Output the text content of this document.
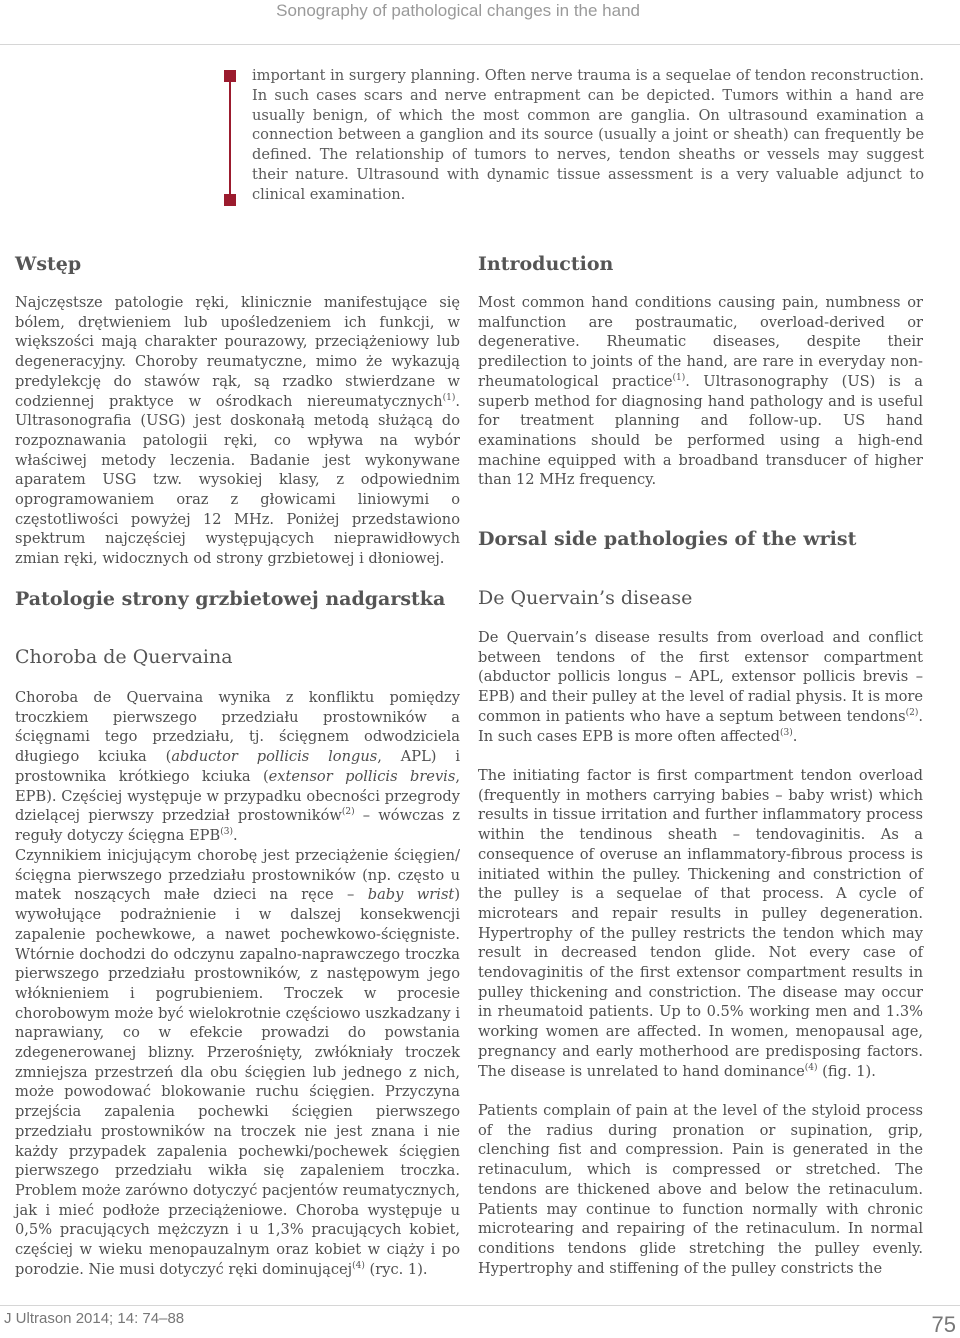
Sonography of pathological changes in the hand

important in surgery planning. Often nerve trauma is a sequelae of tendon reconstruction. In such cases scars and nerve entrapment can be depicted. Tumors within a hand are usually benign, of which the most common are ganglia. On ultrasound examination a connection between a ganglion and its source (usually a joint or sheath) can frequently be defined. The relationship of tumors to nerves, tendon sheaths or vessels may suggest their nature. Ultrasound with dynamic tissue assessment is a very valuable adjunct to clinical examination.

Wstęp

Najczęstsze patologie ręki, klinicznie manifestujące się bólem, drętwieniem lub upośledzeniem ich funkcji, w większości mają charakter pourazowy, przeciążeniowy lub degeneracyjny. Choroby reumatyczne, mimo że wykazują predylekcję do stawów rąk, są rzadko stwierdzane w codziennej praktyce w ośrodkach niereumatycznych$^{(1)}$. Ultrasonografia (USG) jest doskonałą metodą służącą do rozpoznawania patologii ręki, co wpływa na wybór właściwej metody leczenia. Badanie jest wykonywane aparatem USG tzw. wysokiej klasy, z odpowiednim oprogramowaniem oraz z głowicami liniowymi o częstotliwości powyżej 12 MHz. Poniżej przedstawiono spektrum najczęściej występujących nieprawidłowych zmian ręki, widocznych od strony grzbietowej i dłoniowej.

Patologie strony grzbietowej nadgarstka
Choroba de Quervaina

Choroba de Quervaina wynika z konfliktu pomiędzy troczkiem pierwszego przedziału prostowników a ścięgnami tego przedziału, tj. ścięgnem odwodziciela długiego kciuka (abductor pollicis longus, APL) i prostownika krótkiego kciuka (extensor pollicis brevis, EPB). Częściej występuje w przypadku obecności przegrody dzielącej pierwszy przedział prostowników$^{(2)}$ – wówczas z reguły dotyczy ścięgna EPB$^{(3)}$.

Czynnikiem inicjującym chorobę jest przeciążenie ścięgien/ścięgna pierwszego przedziału prostowników (np. często u matek noszących małe dzieci na ręce – baby wrist) wywołujące podrażnienie i w dalszej konsekwencji zapalenie pochewkowe, a nawet pochewkowo-ścięgniste. Wtórnie dochodzi do odczynu zapalno-naprawczego troczka pierwszego przedziału prostowników, z następowym jego włóknieniem i pogrubieniem. Troczek w procesie chorobowym może być wielokrotnie częściowo uszkadzany i naprawiany, co w efekcie prowadzi do powstania zdegenerowanej blizny. Przerośnięty, zwłókniały troczek zmniejsza przestrzeń dla obu ścięgien lub jednego z nich, może powodować blokowanie ruchu ścięgien. Przyczyna przejścia zapalenia pochewki ścięgien pierwszego przedziału prostowników na troczek nie jest znana i nie każdy przypadek zapalenia pochewki/pochewek ścięgien pierwszego przedziału wikła się zapaleniem troczka. Problem może zarówno dotyczyć pacjentów reumatycznych, jak i mieć podłoże przeciążeniowe. Choroba występuje u 0,5% pracujących mężczyzn i u 1,3% pracujących kobiet, częściej w wieku menopauzalnym oraz kobiet w ciąży i po porodzie. Nie musi dotyczyć ręki dominującej$^{(4)}$ (ryc. 1).

Introduction

Most common hand conditions causing pain, numbness or malfunction are postraumatic, overload-derived or degenerative. Rheumatic diseases, despite their predilection to joints of the hand, are rare in everyday non-rheumatological practice$^{(1)}$. Ultrasonography (US) is a superb method for diagnosing hand pathology and is useful for treatment planning and follow-up. US hand examinations should be performed using a high-end machine equipped with a broadband transducer of higher than 12 MHz frequency.

Dorsal side pathologies of the wrist
De Quervain’s disease

De Quervain’s disease results from overload and conflict between tendons of the first extensor compartment (abductor pollicis longus – APL, extensor pollicis brevis – EPB) and their pulley at the level of radial physis. It is more common in patients who have a septum between tendons$^{(2)}$. In such cases EPB is more often affected$^{(3)}$.

The initiating factor is first compartment tendon overload (frequently in mothers carrying babies – baby wrist) which results in tissue irritation and further inflammatory process within the tendinous sheath – tendovaginitis. As a consequence of overuse an inflammatory-fibrous process is initiated within the pulley. Thickening and constriction of the pulley is a sequelae of that process. A cycle of microtears and repair results in pulley degeneration. Hypertrophy of the pulley restricts the tendon which may result in decreased tendon glide. Not every case of tendovaginitis of the first extensor compartment results in pulley thickening and constriction. The disease may occur in rheumatoid patients. Up to 0.5% working men and 1.3% working women are affected. In women, menopausal age, pregnancy and early motherhood are predisposing factors. The disease is unrelated to hand dominance$^{(4)}$ (fig. 1).

Patients complain of pain at the level of the styloid process of the radius during pronation or supination, grip, clenching fist and compression. Pain is generated in the retinaculum, which is compressed or stretched. The tendons are thickened above and below the retinaculum. Patients may continue to function normally with chronic microtearing and repairing of the retinaculum. In normal conditions tendons glide stretching the pulley evenly. Hypertrophy and stiffening of the pulley constricts the

J Ultrason 2014; 14: 74–88	75
